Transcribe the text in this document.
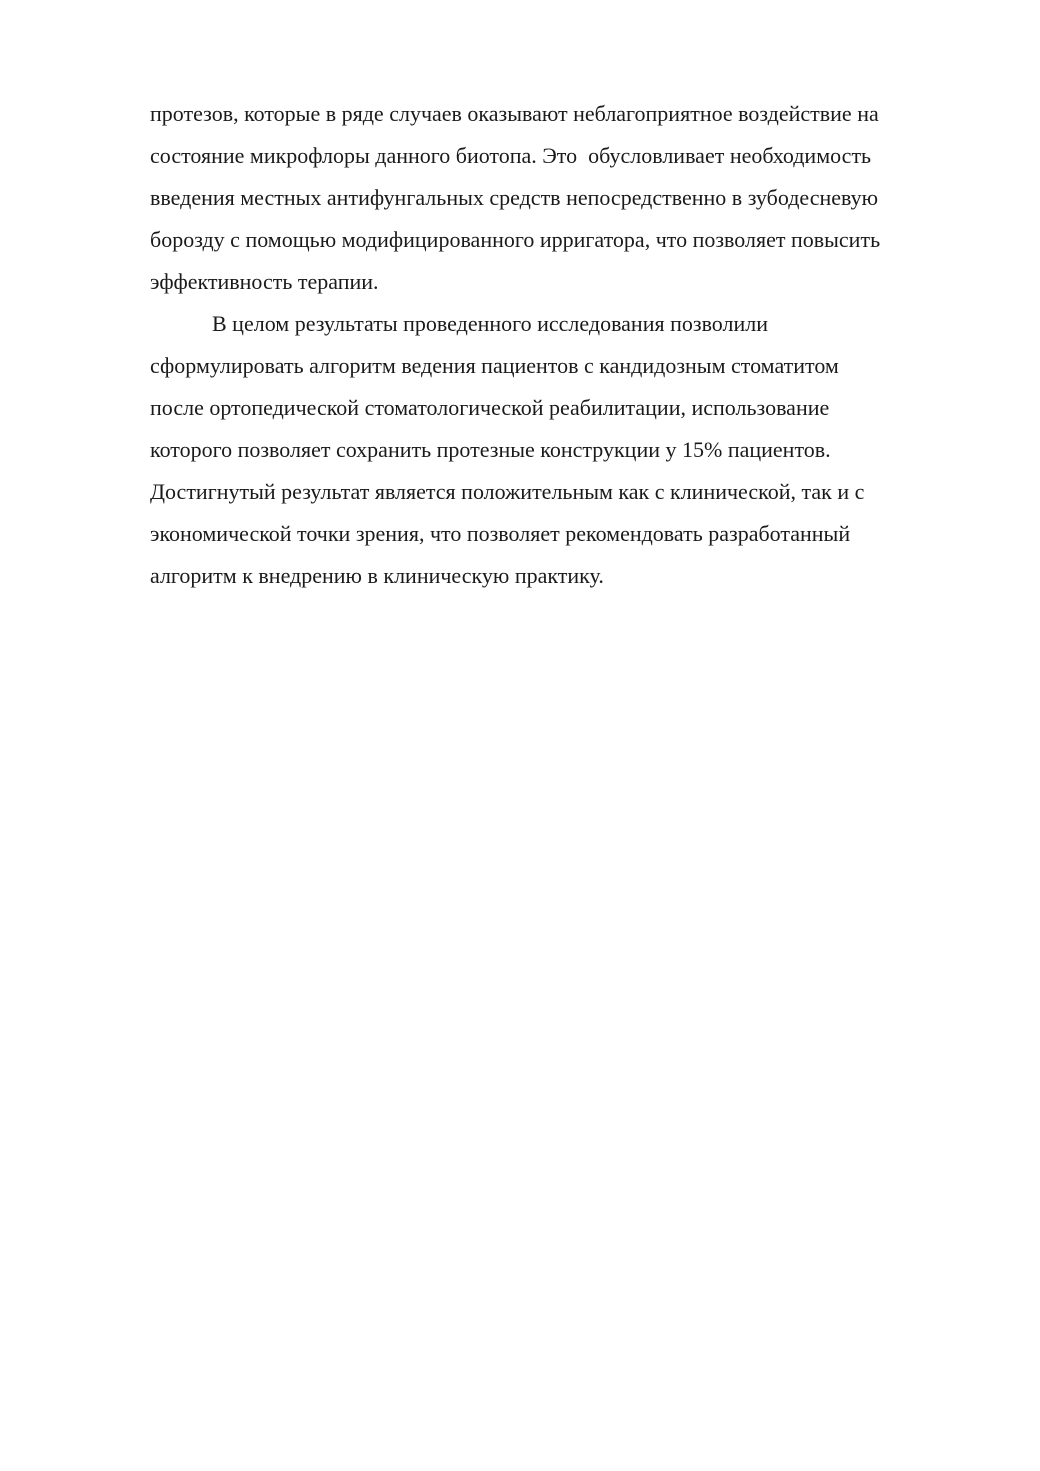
протезов, которые в ряде случаев оказывают неблагоприятное воздействие на
состояние микрофлоры данного биотопа. Это  обусловливает необходимость
введения местных антифунгальных средств непосредственно в зубодесневую
борозду с помощью модифицированного ирригатора, что позволяет повысить
эффективность терапии.
В целом результаты проведенного исследования позволили
сформулировать алгоритм ведения пациентов с кандидозным стоматитом
после ортопедической стоматологической реабилитации, использование
которого позволяет сохранить протезные конструкции у 15% пациентов.
Достигнутый результат является положительным как с клинической, так и с
экономической точки зрения, что позволяет рекомендовать разработанный
алгоритм к внедрению в клиническую практику.
